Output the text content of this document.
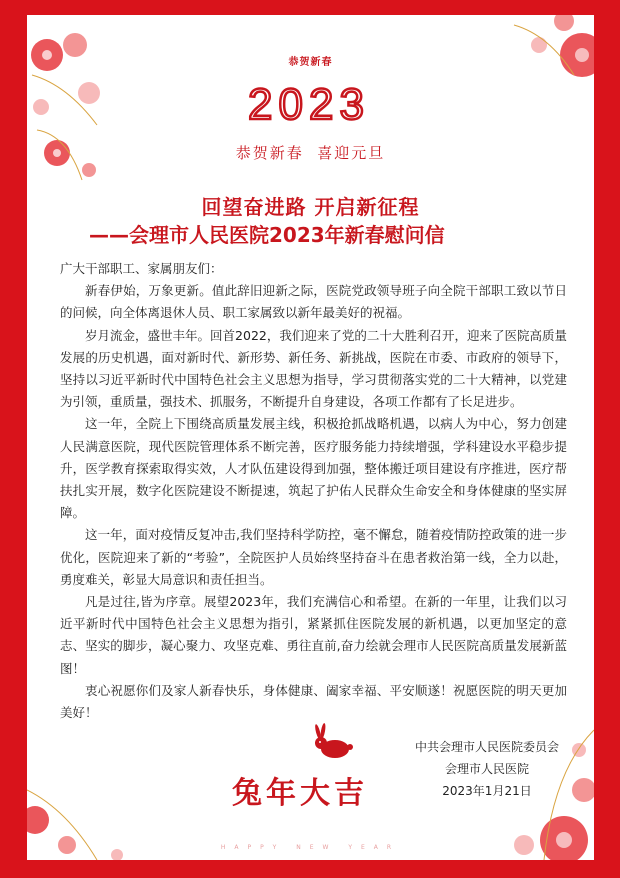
恭贺新春
2023
恭贺新春  喜迎元旦
回望奋进路 开启新征程
——会理市人民医院2023年新春慰问信

广大干部职工、家属朋友们：

新春伊始，万象更新。值此辞旧迎新之际，医院党政领导班子向全院干部职工致以节日的问候，向全体离退休人员、职工家属致以新年最美好的祝福。

岁月流金，盛世丰年。回首2022，我们迎来了党的二十大胜利召开，迎来了医院高质量发展的历史机遇，面对新时代、新形势、新任务、新挑战，医院在市委、市政府的领导下，坚持以习近平新时代中国特色社会主义思想为指导，学习贯彻落实党的二十大精神，以党建为引领，重质量，强技术、抓服务，不断提升自身建设，各项工作都有了长足进步。

这一年，全院上下围绕高质量发展主线，积极抢抓战略机遇，以病人为中心，努力创建人民满意医院，现代医院管理体系不断完善，医疗服务能力持续增强，学科建设水平稳步提升，医学教育探索取得实效，人才队伍建设得到加强，整体搬迁项目建设有序推进，医疗帮扶扎实开展，数字化医院建设不断提速，筑起了护佑人民群众生命安全和身体健康的坚实屏障。

这一年，面对疫情反复冲击,我们坚持科学防控，毫不懈怠，随着疫情防控政策的进一步优化，医院迎来了新的“考验”，全院医护人员始终坚持奋斗在患者救治第一线，全力以赴，勇度难关，彰显大局意识和责任担当。

凡是过往,皆为序章。展望2023年，我们充满信心和希望。在新的一年里，让我们以习近平新时代中国特色社会主义思想为指引，紧紧抓住医院发展的新机遇，以更加坚定的意志、坚实的脚步，凝心聚力、攻坚克难、勇往直前,奋力绘就会理市人民医院高质量发展新蓝图！

衷心祝愿你们及家人新春快乐，身体健康、阖家幸福、平安顺遂！祝愿医院的明天更加美好！

兔年大吉
中共会理市人民医院委员会
会理市人民医院
2023年1月21日
HAPPY NEW YEAR
